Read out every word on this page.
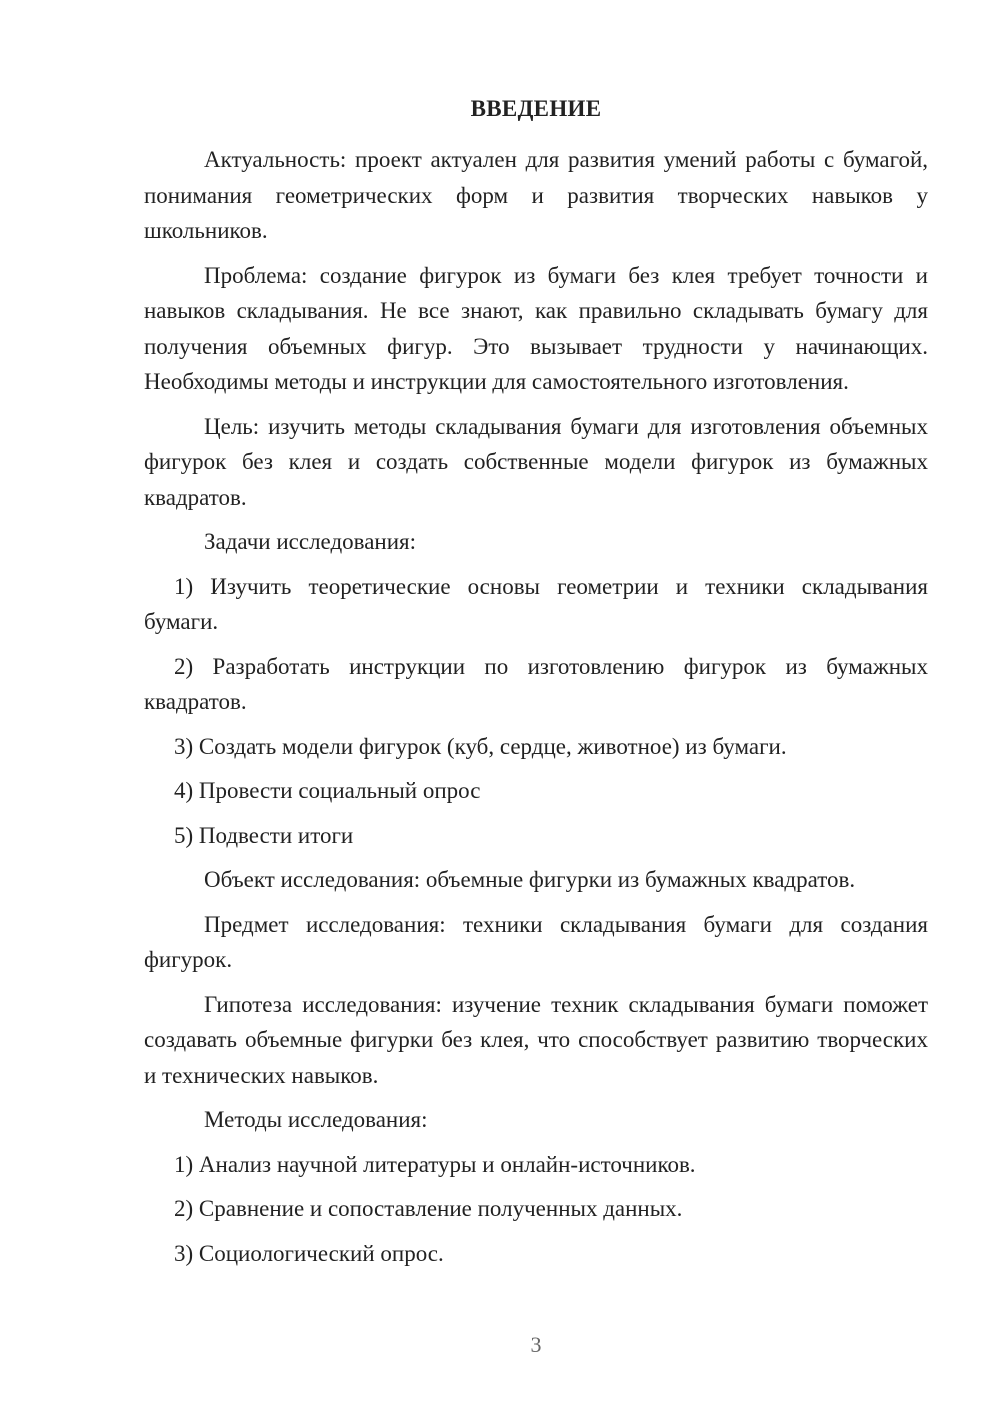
ВВЕДЕНИЕ

Актуальность: проект актуален для развития умений работы с бумагой, понимания геометрических форм и развития творческих навыков у школьников.

Проблема: создание фигурок из бумаги без клея требует точности и навыков складывания. Не все знают, как правильно складывать бумагу для получения объемных фигур. Это вызывает трудности у начинающих. Необходимы методы и инструкции для самостоятельного изготовления.

Цель: изучить методы складывания бумаги для изготовления объемных фигурок без клея и создать собственные модели фигурок из бумажных квадратов.

Задачи исследования:

1) Изучить теоретические основы геометрии и техники складывания бумаги.

2) Разработать инструкции по изготовлению фигурок из бумажных квадратов.

3) Создать модели фигурок (куб, сердце, животное) из бумаги.

4) Провести социальный опрос

5) Подвести итоги

Объект исследования: объемные фигурки из бумажных квадратов.

Предмет исследования: техники складывания бумаги для создания фигурок.

Гипотеза исследования: изучение техник складывания бумаги поможет создавать объемные фигурки без клея, что способствует развитию творческих и технических навыков.

Методы исследования:

1) Анализ научной литературы и онлайн-источников.

2) Сравнение и сопоставление полученных данных.

3) Социологический опрос.

3
